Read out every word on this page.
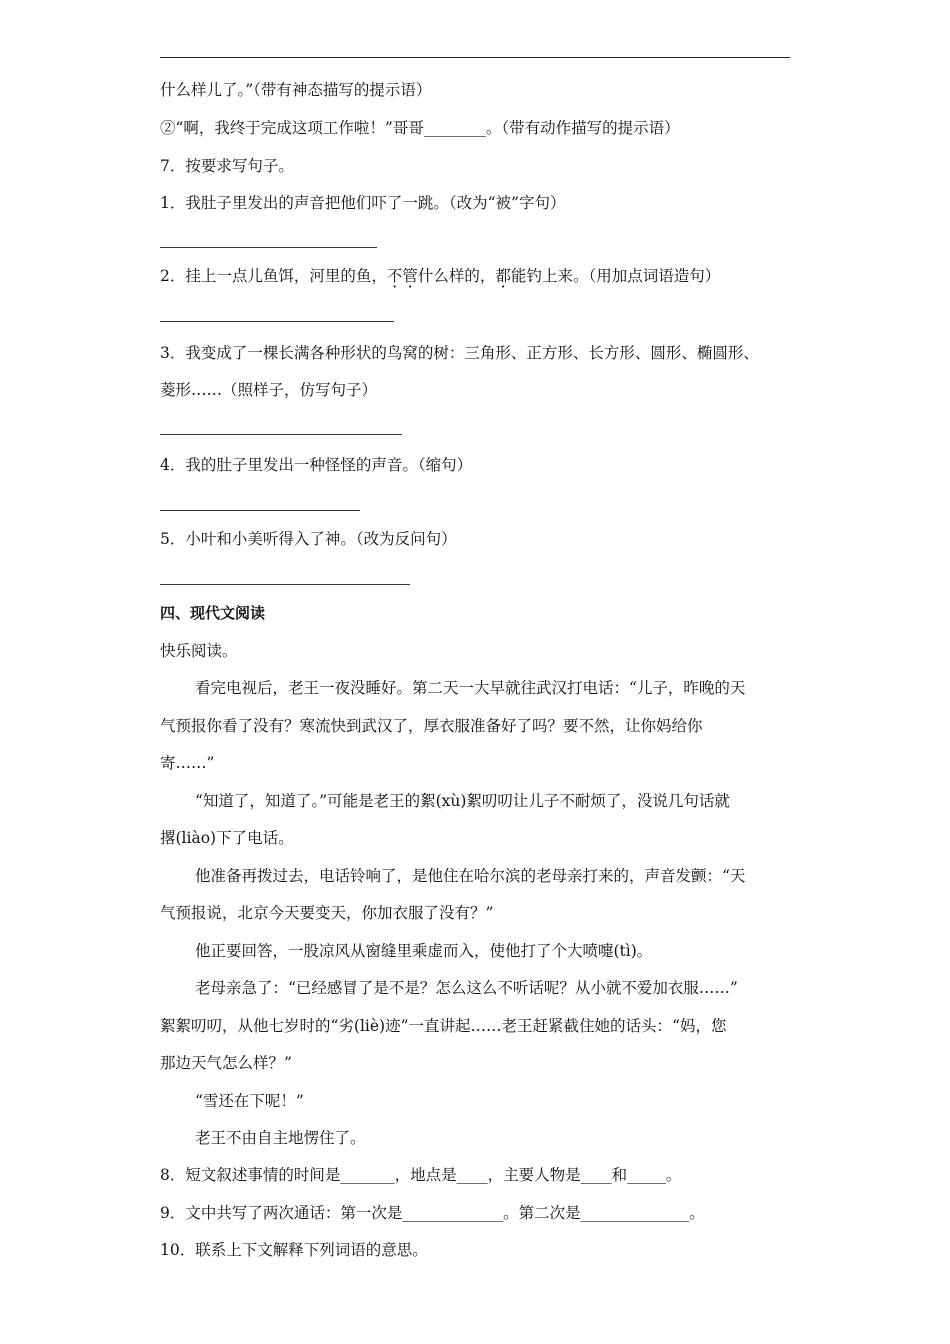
什么样儿了。”（带有神态描写的提示语）
②“啊，我终于完成这项工作啦！”哥哥________。（带有动作描写的提示语）
7．按要求写句子。
1．我肚子里发出的声音把他们吓了一跳。（改为“被”字句）
2．挂上一点儿鱼饵，河里的鱼，不管什么样的，都能钓上来。（用加点词语造句）
3．我变成了一棵长满各种形状的鸟窝的树：三角形、正方形、长方形、圆形、椭圆形、
菱形……（照样子，仿写句子）
4．我的肚子里发出一种怪怪的声音。（缩句）
5．小叶和小美听得入了神。（改为反问句）
四、现代文阅读
快乐阅读。
看完电视后，老王一夜没睡好。第二天一大早就往武汉打电话：“儿子，昨晚的天
气预报你看了没有？寒流快到武汉了，厚衣服准备好了吗？要不然，让你妈给你
寄……”
“知道了，知道了。”可能是老王的絮(xù)絮叨叨让儿子不耐烦了，没说几句话就
撂(liào)下了电话。
他准备再拨过去，电话铃响了，是他住在哈尔滨的老母亲打来的，声音发颤：“天
气预报说，北京今天要变天，你加衣服了没有？”
他正要回答，一股凉风从窗缝里乘虚而入，使他打了个大喷嚏(tì)。
老母亲急了：“已经感冒了是不是？怎么这么不听话呢？从小就不爱加衣服……”
絮絮叨叨，从他七岁时的“劣(liè)迹”一直讲起……老王赶紧截住她的话头：“妈，您
那边天气怎么样？”
“雪还在下呢！”
老王不由自主地愣住了。
8．短文叙述事情的时间是_______，地点是____，主要人物是____和_____。
9．文中共写了两次通话：第一次是_____________。第二次是______________。
10．联系上下文解释下列词语的意思。
